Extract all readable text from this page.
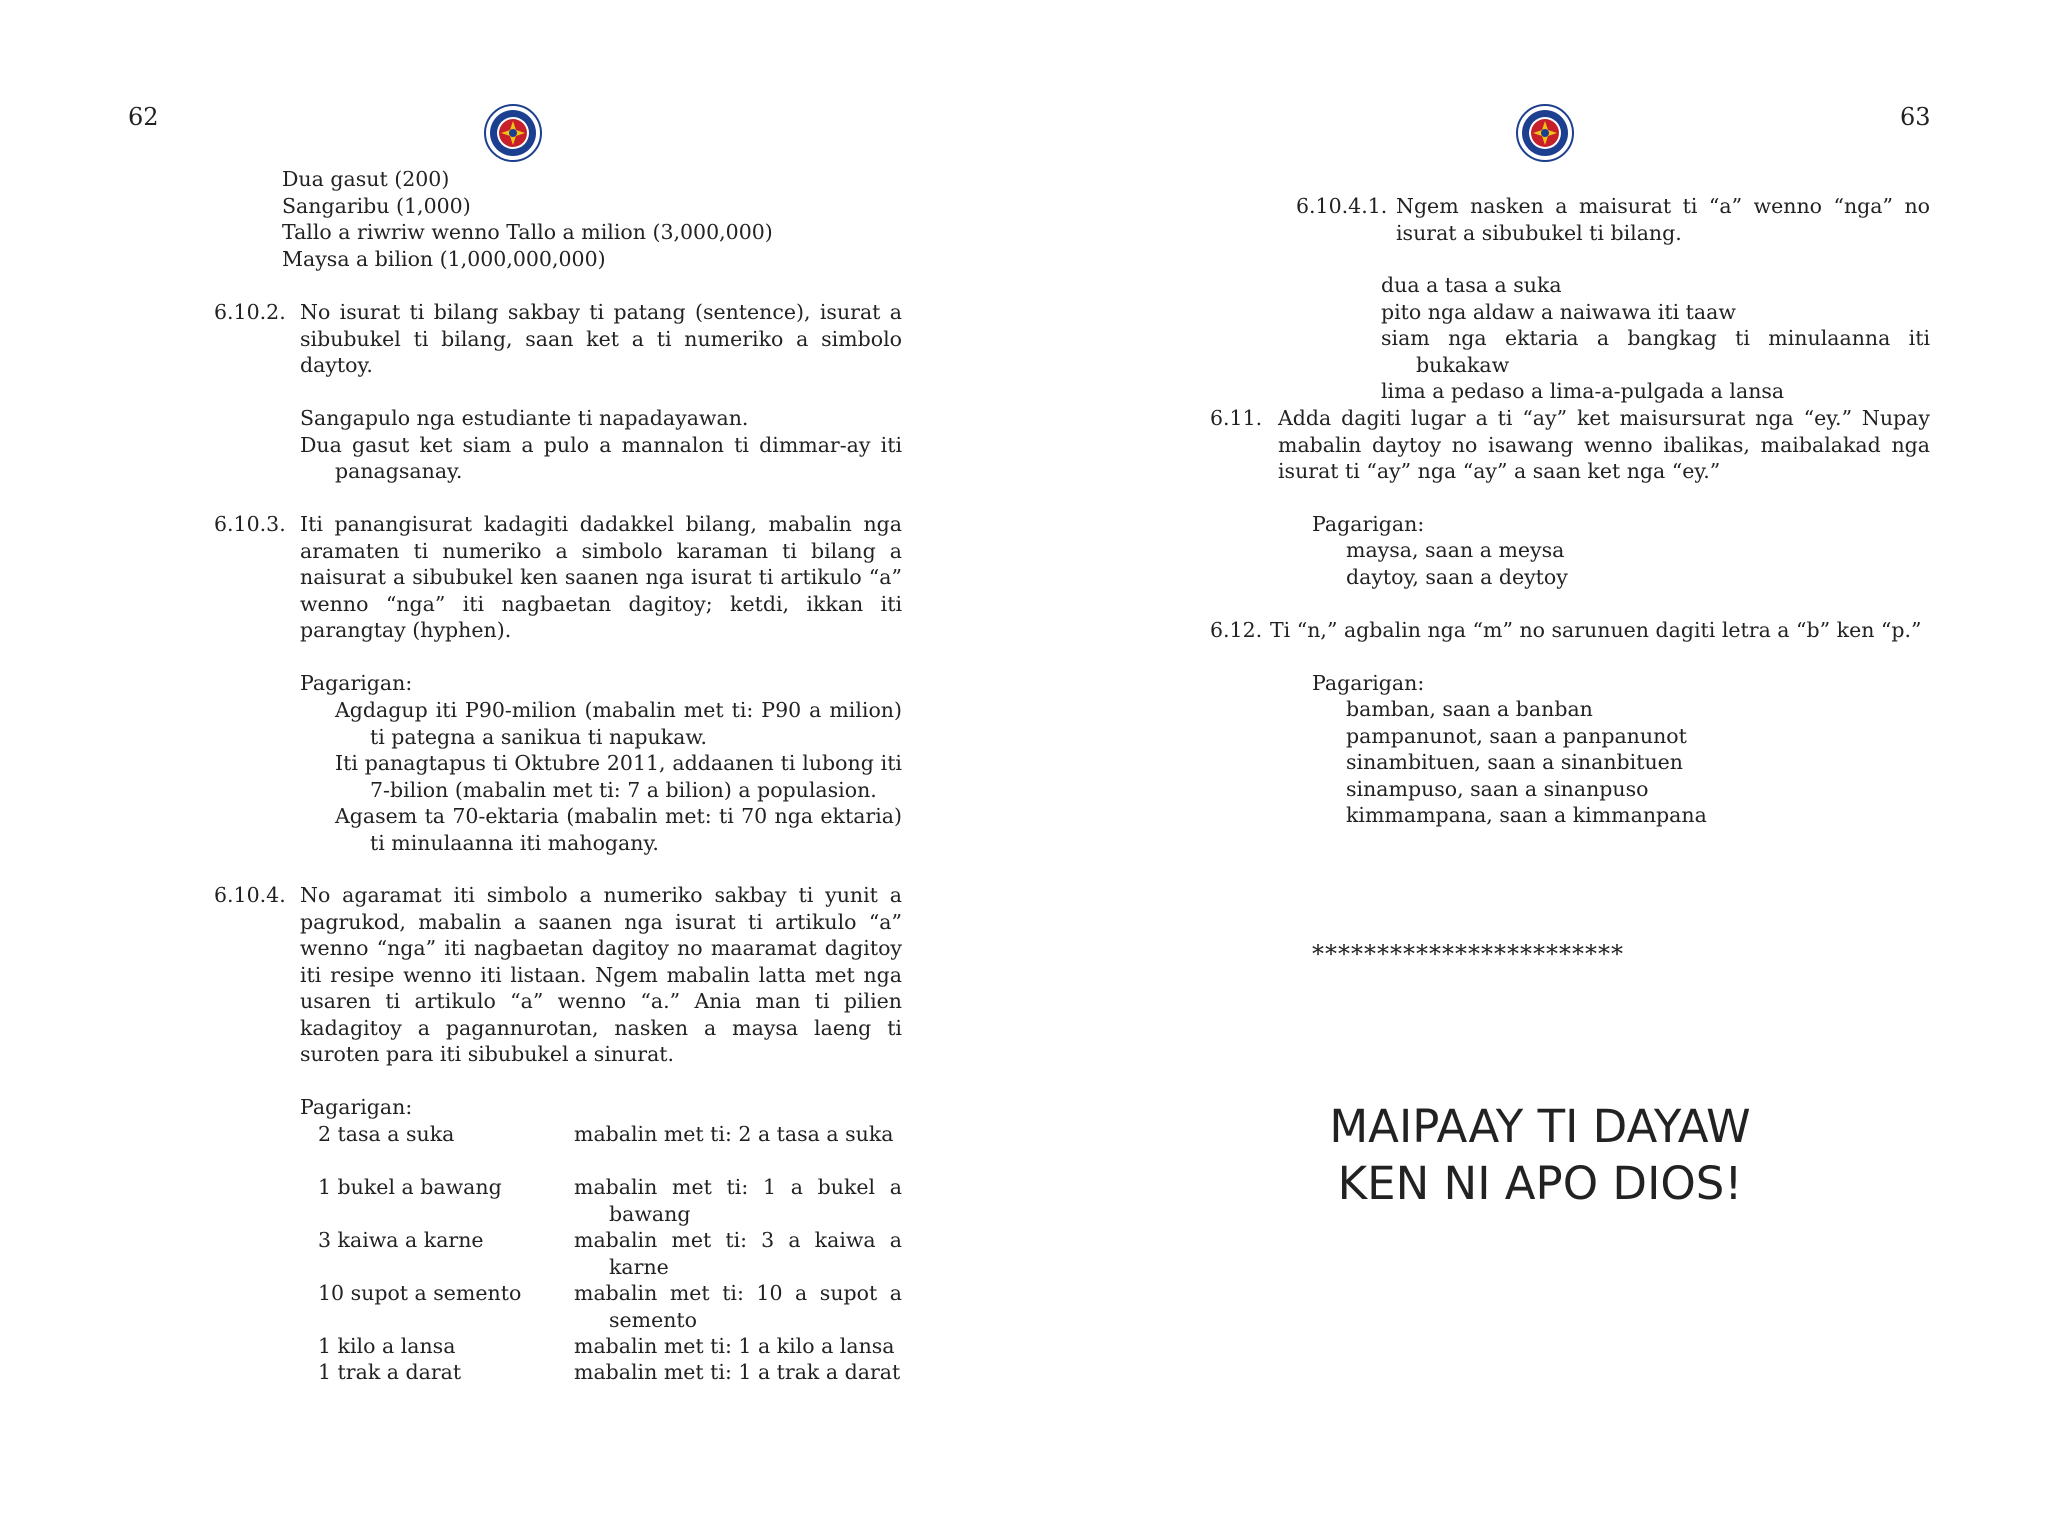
62
Dua gasut (200)
Sangaribu (1,000)
Tallo a riwriw wenno Tallo a milion (3,000,000)
Maysa a bilion (1,000,000,000)
6.10.2. No isurat ti bilang sakbay ti patang (sentence), isurat a sibubukel ti bilang, saan ket a ti numeriko a simbolo daytoy.

Sangapulo nga estudiante ti napadayawan.

Dua gasut ket siam a pulo a mannalon ti dimmar-ay iti panagsanay.

6.10.3. Iti panangisurat kadagiti dadakkel bilang, mabalin nga aramaten ti numeriko a simbolo karaman ti bilang a naisurat a sibubukel ken saanen nga isurat ti artikulo “a” wenno “nga” iti nagbaetan dagitoy; ketdi, ikkan iti parangtay (hyphen).
Pagarigan:

Agdagup iti P90-milion (mabalin met ti: P90 a milion) ti pategna a sanikua ti napukaw.

Iti panagtapus ti Oktubre 2011, addaanen ti lubong iti 7-bilion (mabalin met ti: 7 a bilion) a populasion.

Agasem ta 70-ektaria (mabalin met: ti 70 nga ektaria) ti minulaanna iti mahogany.

6.10.4. No agaramat iti simbolo a numeriko sakbay ti yunit a pagrukod, mabalin a saanen nga isurat ti artikulo “a” wenno “nga” iti nagbaetan dagitoy no maaramat dagitoy iti resipe wenno iti listaan. Ngem mabalin latta met nga usaren ti artikulo “a” wenno “a.” Ania man ti pilien kadagitoy a pagannurotan, nasken a maysa laeng ti suroten para iti sibubukel a sinurat.
Pagarigan:
2 tasa a suka	mabalin met ti: 2 a tasa a suka
1 bukel a bawang	mabalin met ti: 1 a bukel a bawang
3 kaiwa a karne	mabalin met ti: 3 a kaiwa a karne
10 supot a semento	mabalin met ti: 10 a supot a semento
1 kilo a lansa	mabalin met ti: 1 a kilo a lansa
1 trak a darat	mabalin met ti: 1 a trak a darat
63
6.10.4.1. Ngem nasken a maisurat ti “a” wenno “nga” no isurat a sibubukel ti bilang.

dua a tasa a suka

pito nga aldaw a naiwawa iti taaw

siam nga ektaria a bangkag ti minulaanna iti bukakaw

lima a pedaso a lima-a-pulgada a lansa

6.11. Adda dagiti lugar a ti “ay” ket maisursurat nga “ey.” Nupay mabalin daytoy no isawang wenno ibalikas, maibalakad nga isurat ti “ay” nga “ay” a saan ket nga “ey.”
Pagarigan:
maysa, saan a meysa
daytoy, saan a deytoy
6.12. Ti “n,” agbalin nga “m” no sarunuen dagiti letra a “b” ken “p.”
Pagarigan:
bamban, saan a banban
pampanunot, saan a panpanunot
sinambituen, saan a sinanbituen
sinampuso, saan a sinanpuso
kimmampana, saan a kimmanpana
************************
MAIPAAY TI DAYAW
KEN NI APO DIOS!
